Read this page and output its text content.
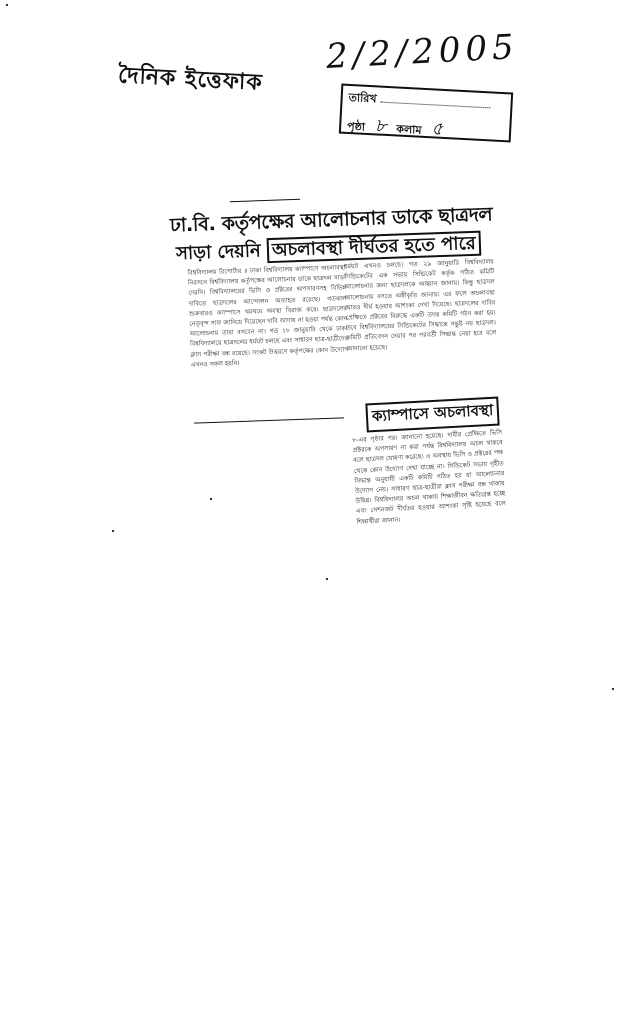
দৈনিক ইত্তেফাক
2/2/2005
তারিখ
পৃষ্ঠা ৮ কলাম ৫
ঢা.বি. কর্তৃপক্ষের আলোচনার ডাকে ছাত্রদল
সাড়া দেয়নি অচলাবস্থা দীর্ঘতর হতে পারে

বিশ্ববিদ্যালয় রিপোর্টার ॥ ঢাকা বিশ্ববিদ্যালয় ক্যাম্পাসে অচলাবস্থা নিরসনে বিশ্ববিদ্যালয় কর্তৃপক্ষের আলোচনার ডাকে ছাত্রদল সাড়া দেয়নি। বিশ্ববিদ্যালয়ের ভিসি ও প্রক্টরের অপসারণসহ বিভিন্ন দাবিতে ছাত্রদলের আন্দোলন অব্যাহত রয়েছে। গতকাল শুক্রবারও ক্যাম্পাসে থমথমে অবস্থা বিরাজ করে। ছাত্রদলের নেতৃবৃন্দ সাফ জানিয়ে দিয়েছেন দাবি আদায় না হওয়া পর্যন্ত কোন আলোচনায় তারা বসবেন না। গত ১৮ জানুয়ারি থেকে ঢাকা বিশ্ববিদ্যালয়ে ছাত্রদলের ধর্মঘট চলছে এবং সাধারণ ছাত্র-ছাত্রীদের ক্লাস পরীক্ষা বন্ধ রয়েছে। সংকট উত্তরণে কর্তৃপক্ষের কোন উদ্যোগ এখনও সফল হয়নি।

ধর্মঘট এখনও চলছে। গত ২৯ জানুয়ারি বিশ্ববিদ্যালয় সিন্ডিকেটের এক সভায় সিন্ডিকেট কর্তৃক গঠিত কমিটি আলোচনার জন্য ছাত্রদলকে আহ্বান জানায়। কিন্তু ছাত্রদল আলোচনায় বসতে অস্বীকৃতি জানায়। এর ফলে অচলাবস্থা আরও দীর্ঘ হওয়ার আশংকা দেখা দিয়েছে। ছাত্রদলের দাবির প্রেক্ষিতে প্রক্টরের বিরুদ্ধে একটি তদন্ত কমিটি গঠন করা হয়। তবে বিশ্ববিদ্যালয়ের সিন্ডিকেটের সিদ্ধান্তে সন্তুষ্ট নয় ছাত্রদল। কমিটি প্রতিবেদন দেয়ার পর পরবর্তী সিদ্ধান্ত নেয়া হবে বলে জানানো হয়েছে।

ক্যাম্পাসে অচলাবস্থা

৮-এর পৃষ্ঠার পর। জানানো হয়েছে। দাবীর প্রেক্ষিতে ভিসি প্রক্টরকে অপসারণ না করা পর্যন্ত বিশ্ববিদ্যালয় অচল থাকবে বলে ছাত্রদল ঘোষণা করেছে। এ অবস্থায় ভিসি ও প্রক্টরের পক্ষ থেকে কোন উদ্যোগ দেখা যাচ্ছে না। সিন্ডিকেট সভায় গৃহীত সিদ্ধান্ত অনুযায়ী একটি কমিটি গঠিত হয় যা আলোচনার উদ্যোগ নেয়। সাধারণ ছাত্র-ছাত্রীরা ক্লাস পরীক্ষা বন্ধ থাকায় উদ্বিগ্ন। বিশ্ববিদ্যালয় অচল থাকায় শিক্ষাজীবন ক্ষতিগ্রস্ত হচ্ছে এবং সেশনজট দীর্ঘতর হওয়ার আশংকা সৃষ্টি হয়েছে বলে শিক্ষার্থীরা জানান।
